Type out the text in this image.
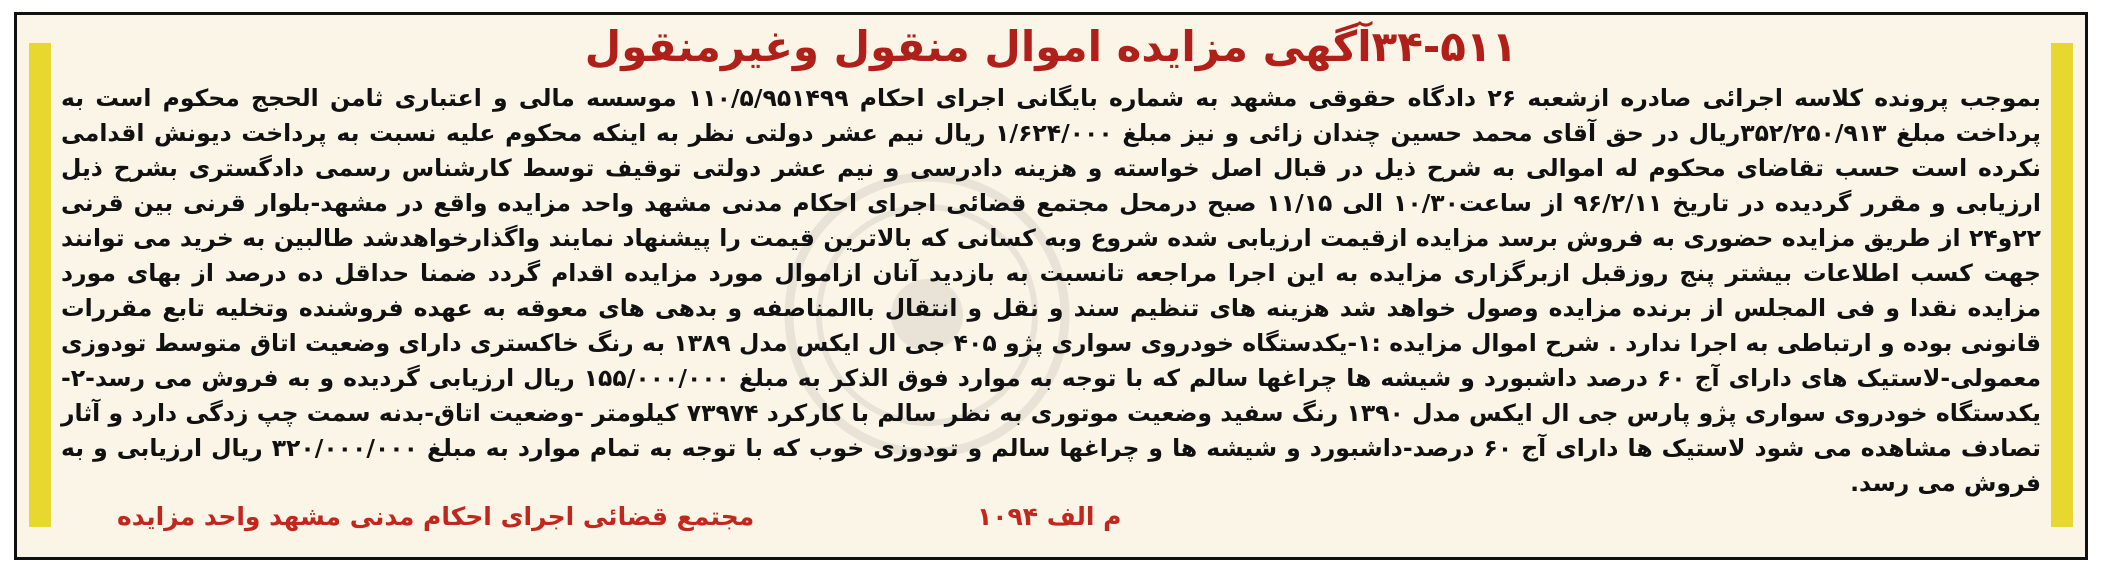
۳۴-۵۱۱آگهی مزایده اموال منقول وغیرمنقول

بموجب پرونده کلاسه اجرائی صادره ازشعبه ۲۶ دادگاه حقوقی مشهد به شماره بایگانی اجرای احکام ۱۱۰/۵/۹۵۱۴۹۹ موسسه مالی و اعتباری ثامن الحجج محکوم است به پرداخت مبلغ ۳۵۲/۲۵۰/۹۱۳ریال در حق آقای محمد حسین چندان زائی و نیز مبلغ ۱/۶۲۴/۰۰۰ ریال نیم عشر دولتی نظر به اینکه محکوم علیه نسبت به پرداخت دیونش اقدامی نکرده است حسب تقاضای محکوم له اموالی به شرح ذیل در قبال اصل خواسته و هزینه دادرسی و نیم عشر دولتی توقیف توسط کارشناس رسمی دادگستری بشرح ذیل ارزیابی و مقرر گردیده در تاریخ ۹۶/۲/۱۱ از ساعت۱۰/۳۰ الی ۱۱/۱۵ صبح درمحل مجتمع قضائی اجرای احکام مدنی مشهد واحد مزایده واقع در مشهد-بلوار قرنی بین قرنی ۲۲و۲۴ از طریق مزایده حضوری به فروش برسد مزایده ازقیمت ارزیابی شده شروع وبه کسانی که بالاترین قیمت را پیشنهاد نمایند واگذارخواهدشد طالبین به خرید می توانند جهت کسب اطلاعات بیشتر پنج روزقبل ازبرگزاری مزایده به این اجرا مراجعه تانسبت به بازدید آنان ازاموال مورد مزایده اقدام گردد ضمنا حداقل ده درصد از بهای مورد مزایده نقدا و فی المجلس از برنده مزایده وصول خواهد شد هزینه های تنظیم سند و نقل و انتقال باالمناصفه و بدهی های معوقه به عهده فروشنده وتخلیه تابع مقررات قانونی بوده و ارتباطی به اجرا ندارد . شرح اموال مزایده :۱-یکدستگاه خودروی سواری پژو ۴۰۵ جی ال ایکس مدل ۱۳۸۹ به رنگ خاکستری دارای وضعیت اتاق متوسط تودوزی معمولی-لاستیک های دارای آج ۶۰ درصد داشبورد و شیشه ها چراغها سالم که با توجه به موارد فوق الذکر به مبلغ ۱۵۵/۰۰۰/۰۰۰ ریال ارزیابی گردیده و به فروش می رسد-۲-یکدستگاه خودروی سواری پژو پارس جی ال ایکس مدل ۱۳۹۰ رنگ سفید وضعیت موتوری به نظر سالم با کارکرد ۷۳۹۷۴ کیلومتر -وضعیت اتاق-بدنه سمت چپ زدگی دارد و آثار تصادف مشاهده می شود لاستیک ها دارای آج ۶۰ درصد-داشبورد و شیشه ها و چراغها سالم و تودوزی خوب که با توجه به تمام موارد به مبلغ ۳۲۰/۰۰۰/۰۰۰ ریال ارزیابی و به فروش می رسد.

م الف ۱۰۹۴
مجتمع قضائی اجرای احکام مدنی مشهد واحد مزایده
